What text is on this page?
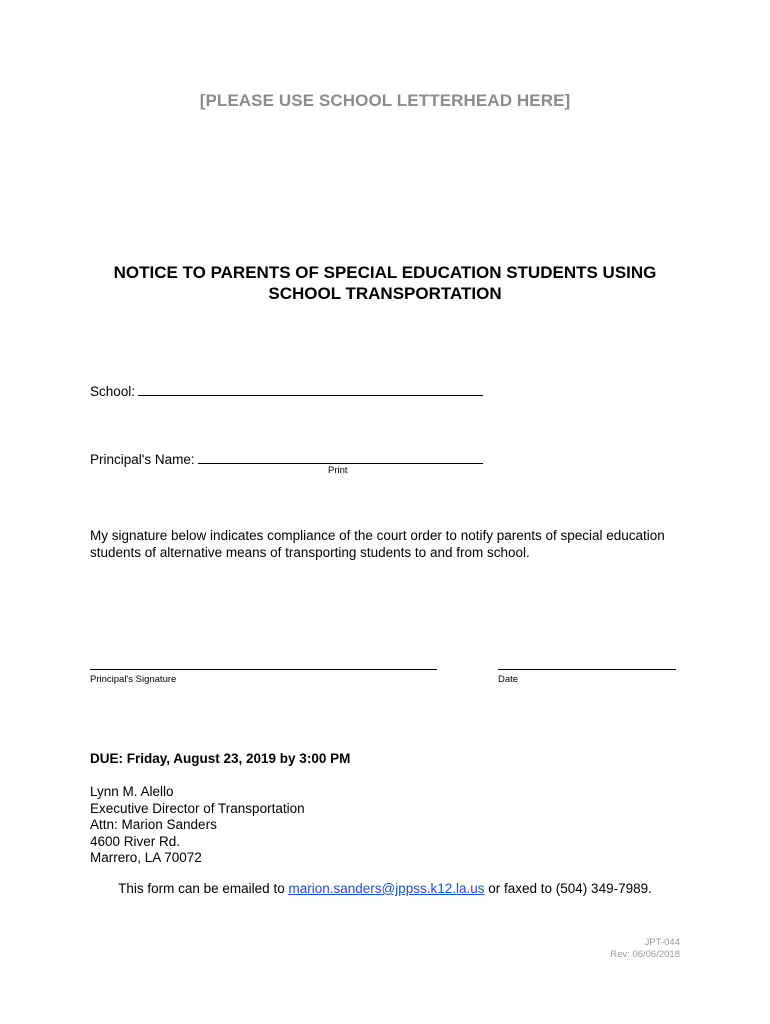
[PLEASE USE SCHOOL LETTERHEAD HERE]
NOTICE TO PARENTS OF SPECIAL EDUCATION STUDENTS USING
SCHOOL TRANSPORTATION
School:
Principal's Name:
Print
My signature below indicates compliance of the court order to notify parents of special education students of alternative means of transporting students to and from school.
Principal's Signature	Date
DUE: Friday, August 23, 2019 by 3:00 PM
Lynn M. Alello
Executive Director of Transportation
Attn: Marion Sanders
4600 River Rd.
Marrero, LA 70072
This form can be emailed to marion.sanders@jppss.k12.la.us or faxed to (504) 349-7989.
JPT-044
Rev: 06/06/2018
